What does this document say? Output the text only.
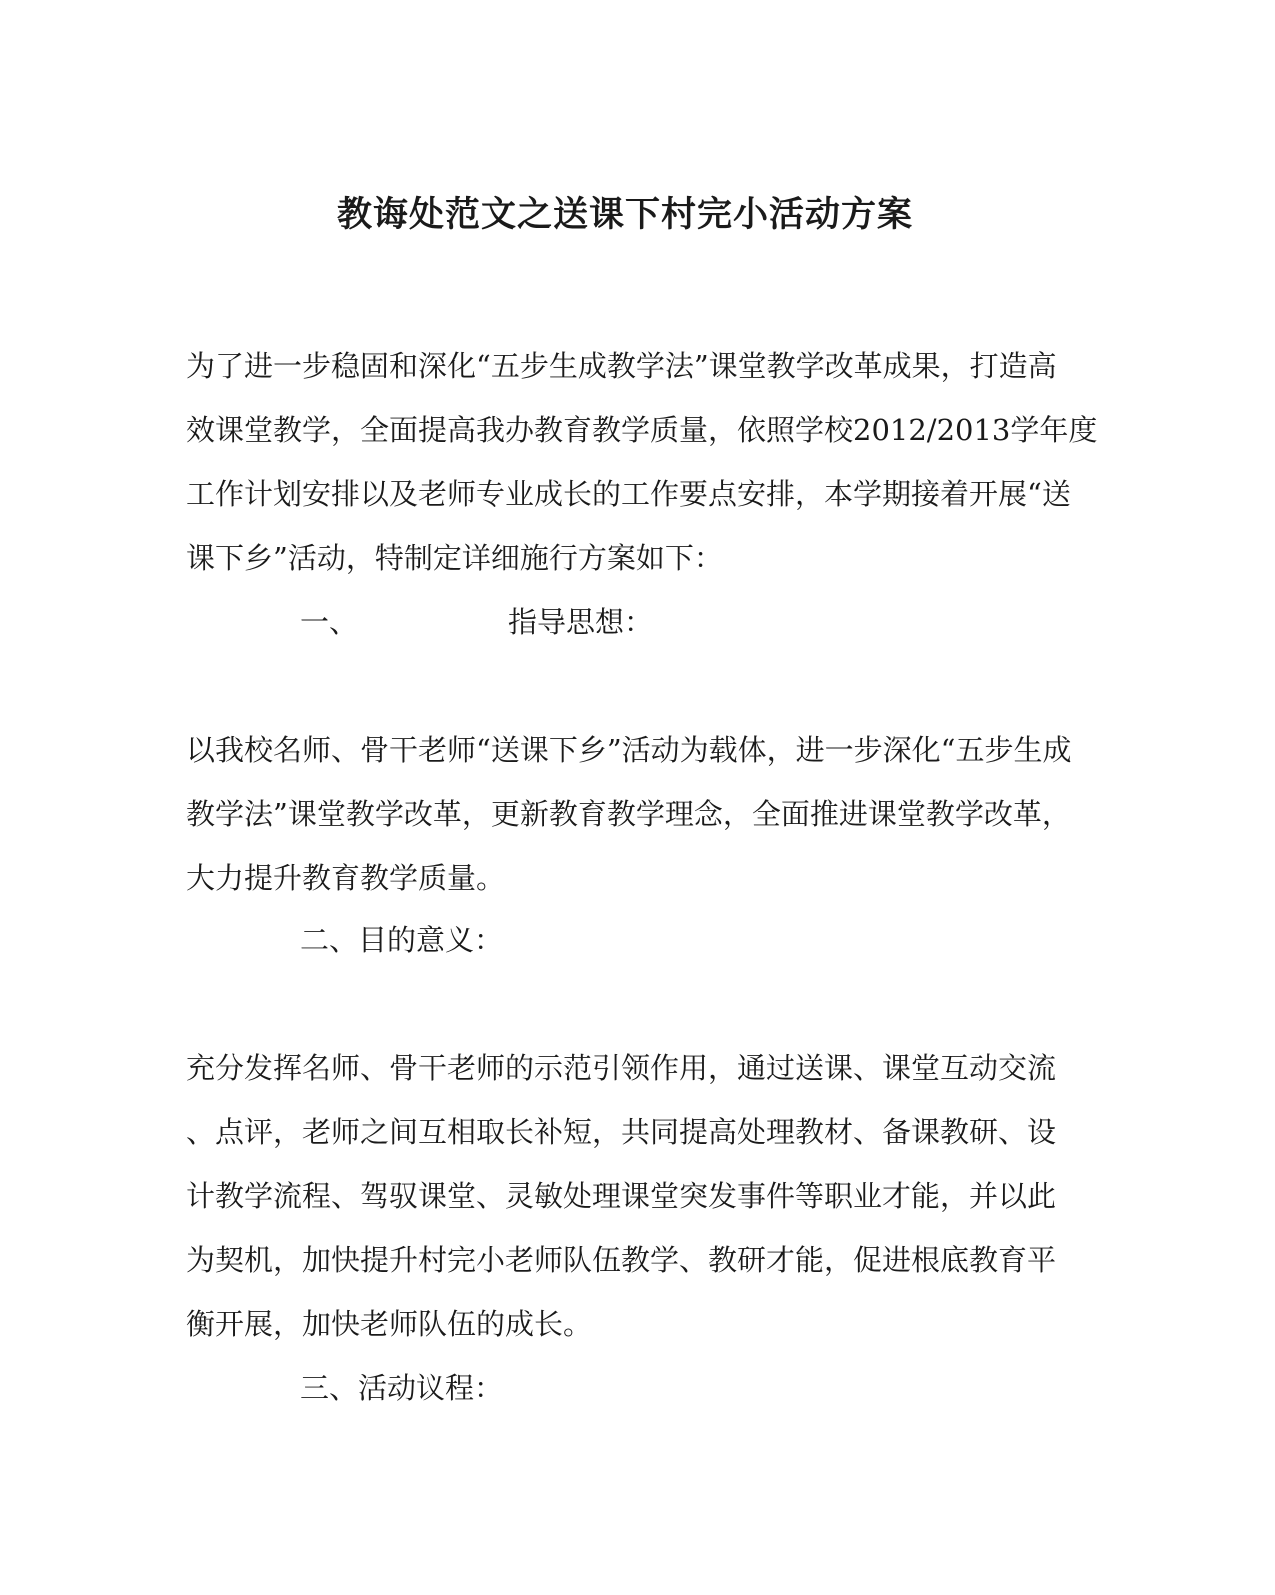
教诲处范文之送课下村完小活动方案

为了进一步稳固和深化“五步生成教学法”课堂教学改革成果，打造高
效课堂教学，全面提高我办教育教学质量，依照学校2012/2013学年度
工作计划安排以及老师专业成长的工作要点安排，本学期接着开展“送
课下乡”活动，特制定详细施行方案如下：

一、	指导思想：

以我校名师、骨干老师“送课下乡”活动为载体，进一步深化“五步生成
教学法”课堂教学改革，更新教育教学理念，全面推进课堂教学改革，
大力提升教育教学质量。

二、目的意义：

充分发挥名师、骨干老师的示范引领作用，通过送课、课堂互动交流
、点评，老师之间互相取长补短，共同提高处理教材、备课教研、设
计教学流程、驾驭课堂、灵敏处理课堂突发事件等职业才能，并以此
为契机，加快提升村完小老师队伍教学、教研才能，促进根底教育平
衡开展，加快老师队伍的成长。

三、活动议程：
